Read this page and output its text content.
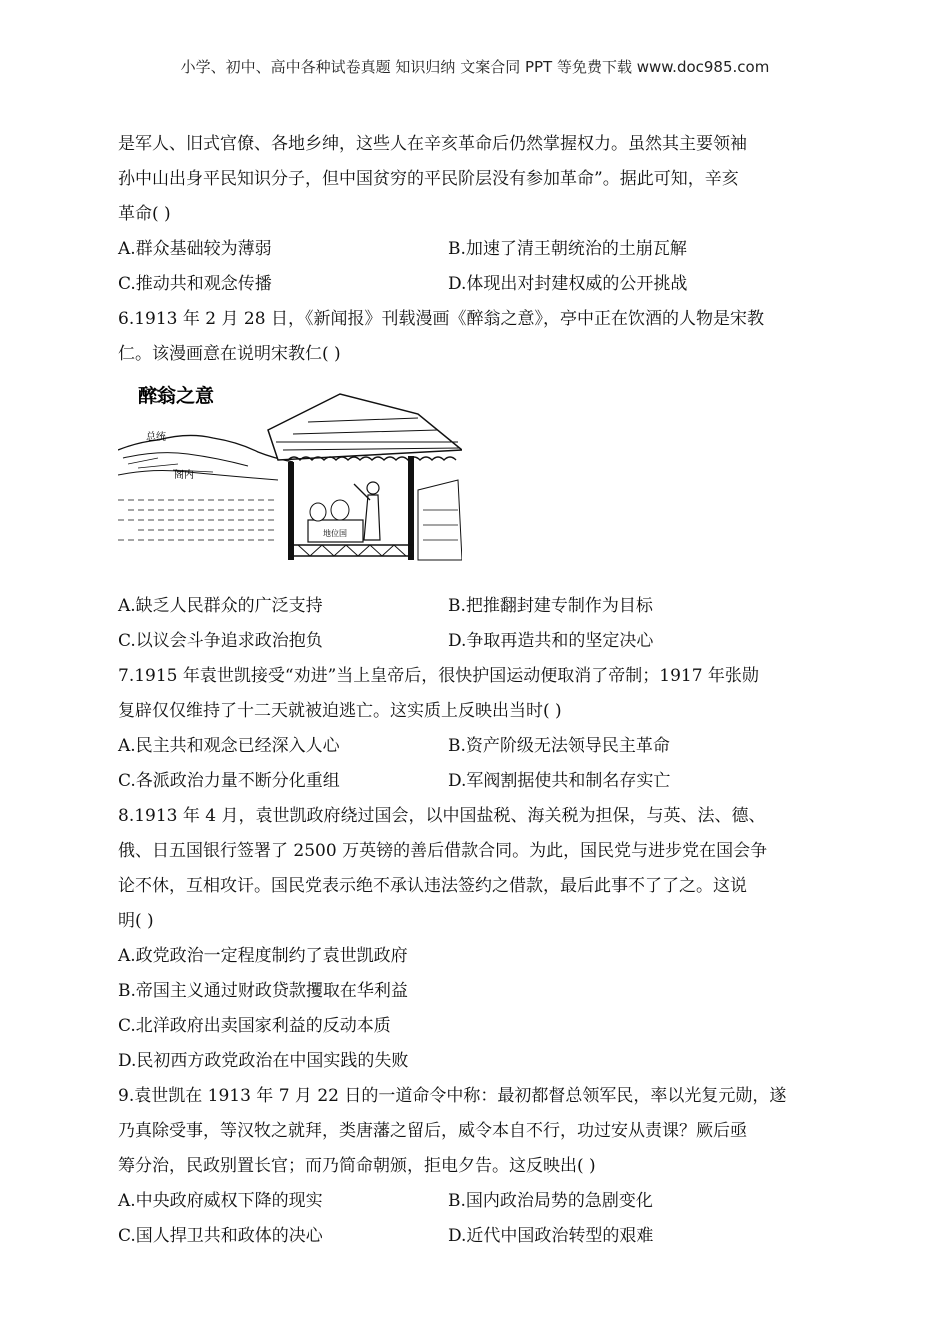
小学、初中、高中各种试卷真题 知识归纳 文案合同 PPT 等免费下载 www.doc985.com

是军人、旧式官僚、各地乡绅，这些人在辛亥革命后仍然掌握权力。虽然其主要领袖

孙中山出身平民知识分子，但中国贫穷的平民阶层没有参加革命”。据此可知，辛亥

革命( )

A.群众基础较为薄弱	B.加速了清王朝统治的土崩瓦解
C.推动共和观念传播	D.体现出对封建权威的公开挑战

6.1913 年 2 月 28 日，《新闻报》刊载漫画《醉翁之意》，亭中正在饮酒的人物是宋教

仁。该漫画意在说明宋教仁( )

醉翁之意
总统
阁内
地位国
A.缺乏人民群众的广泛支持	B.把推翻封建专制作为目标
C.以议会斗争追求政治抱负	D.争取再造共和的坚定决心

7.1915 年袁世凯接受“劝进”当上皇帝后，很快护国运动便取消了帝制；1917 年张勋

复辟仅仅维持了十二天就被迫逃亡。这实质上反映出当时( )

A.民主共和观念已经深入人心	B.资产阶级无法领导民主革命
C.各派政治力量不断分化重组	D.军阀割据使共和制名存实亡

8.1913 年 4 月，袁世凯政府绕过国会，以中国盐税、海关税为担保，与英、法、德、

俄、日五国银行签署了 2500 万英镑的善后借款合同。为此，国民党与进步党在国会争

论不休，互相攻讦。国民党表示绝不承认违法签约之借款，最后此事不了了之。这说

明( )

A.政党政治一定程度制约了袁世凯政府

B.帝国主义通过财政贷款攫取在华利益

C.北洋政府出卖国家利益的反动本质

D.民初西方政党政治在中国实践的失败

9.袁世凯在 1913 年 7 月 22 日的一道命令中称：最初都督总领军民，率以光复元勋，遂

乃真除受事，等汉牧之就拜，类唐藩之留后，威令本自不行，功过安从责课？厥后亟

筹分治，民政别置长官；而乃简命朝颁，拒电夕告。这反映出( )

A.中央政府威权下降的现实	B.国内政治局势的急剧变化
C.国人捍卫共和政体的决心	D.近代中国政治转型的艰难
